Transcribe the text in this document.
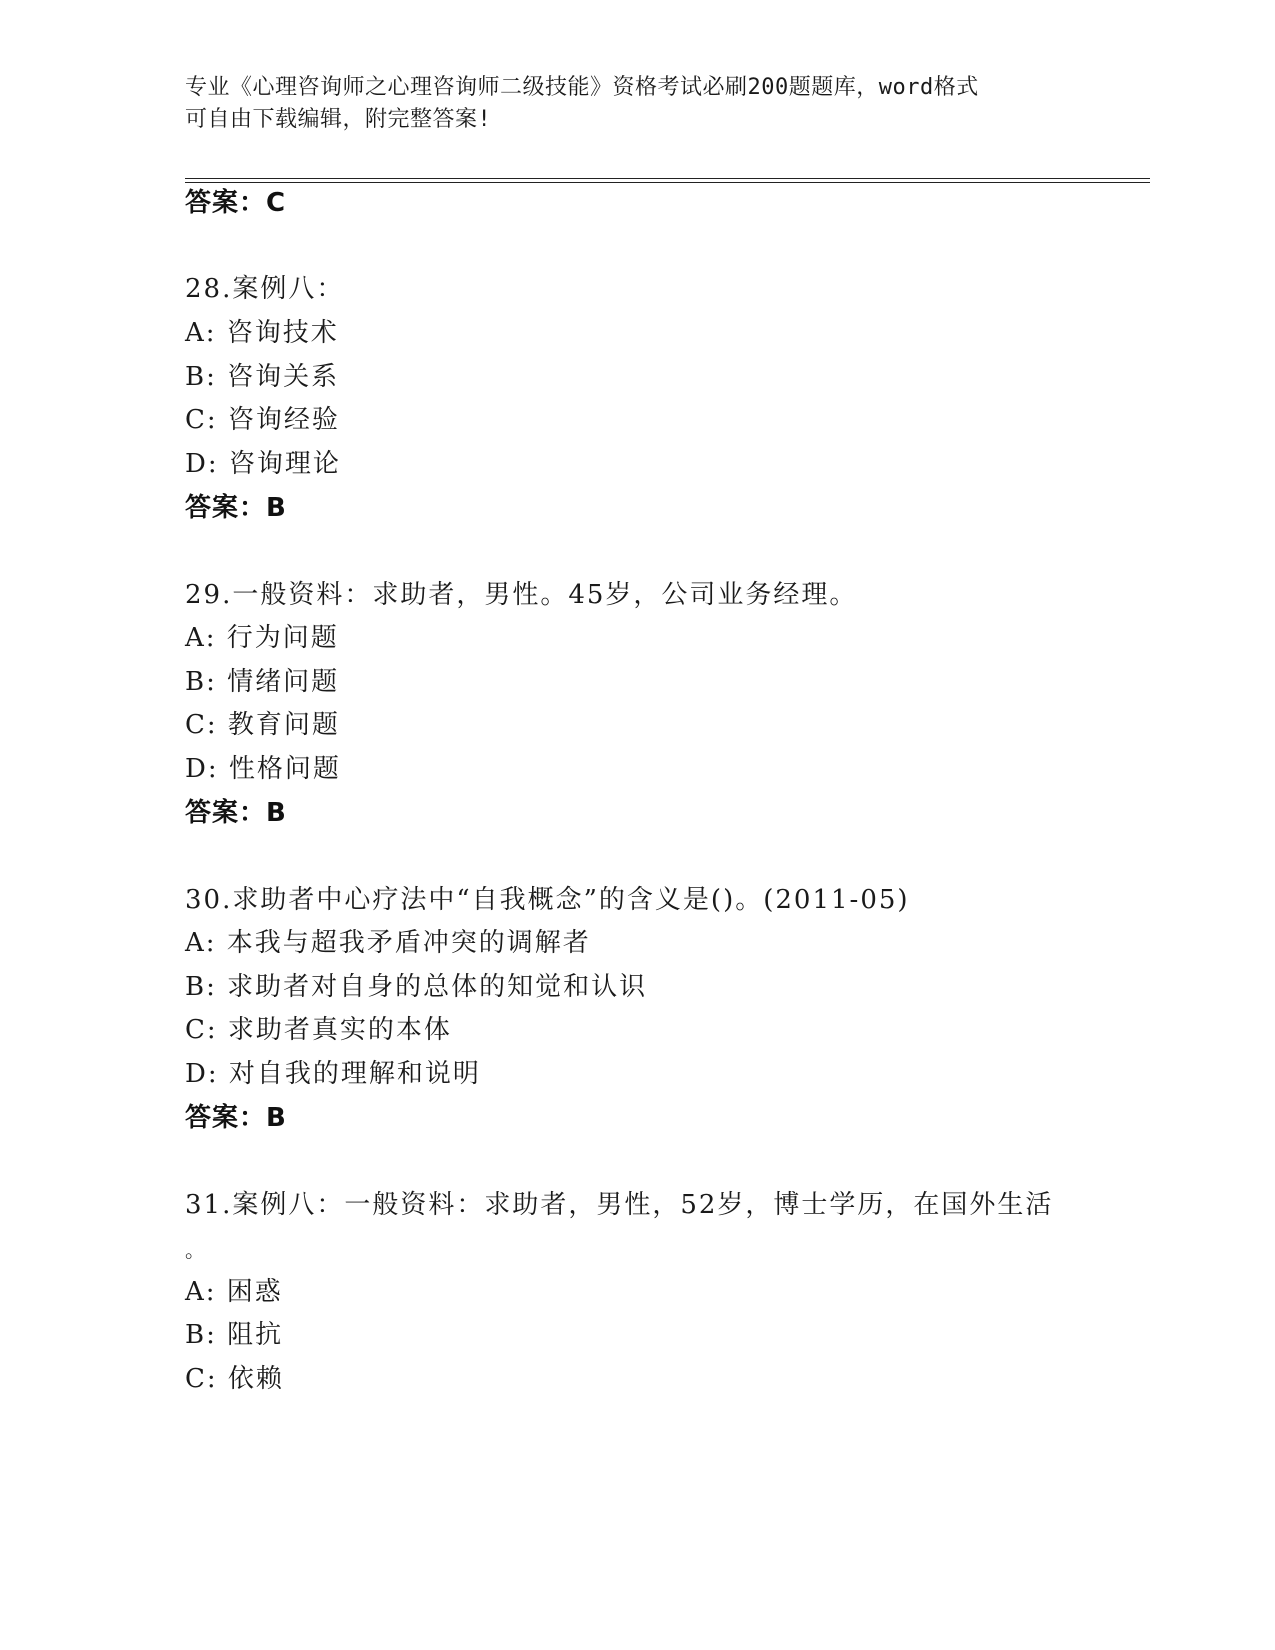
专业《心理咨询师之心理咨询师二级技能》资格考试必刷200题题库，word格式
可自由下载编辑，附完整答案!
答案：C
28.案例八：
A: 咨询技术
B: 咨询关系
C: 咨询经验
D: 咨询理论
答案：B
29.一般资料：求助者，男性。45岁，公司业务经理。
A: 行为问题
B: 情绪问题
C: 教育问题
D: 性格问题
答案：B
30.求助者中心疗法中“自我概念”的含义是()。(2011-05)
A: 本我与超我矛盾冲突的调解者
B: 求助者对自身的总体的知觉和认识
C: 求助者真实的本体
D: 对自我的理解和说明
答案：B
31.案例八：一般资料：求助者，男性，52岁，博士学历，在国外生活
。
A: 困惑
B: 阻抗
C: 依赖
